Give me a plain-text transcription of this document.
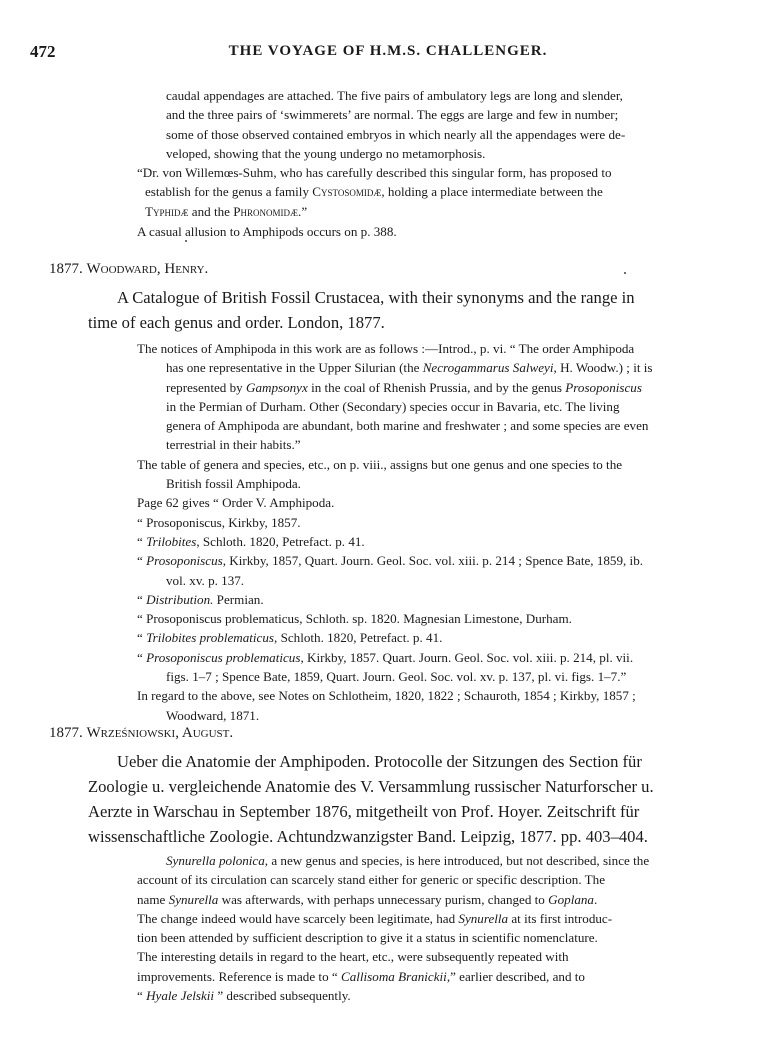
472	THE VOYAGE OF H.M.S. CHALLENGER.
caudal appendages are attached. The five pairs of ambulatory legs are long and slender,
and the three pairs of ‘swimmerets’ are normal. The eggs are large and few in number;
some of those observed contained embryos in which nearly all the appendages were de-
veloped, showing that the young undergo no metamorphosis.
“Dr. von Willemœs-Suhm, who has carefully described this singular form, has proposed to
establish for the genus a family Cystosomidæ, holding a place intermediate between the
Typhidæ and the Phronomidæ.”
A casual allusion to Amphipods occurs on p. 388.
1877. Woodward, Henry.
A Catalogue of British Fossil Crustacea, with their synonyms and the range in
time of each genus and order. London, 1877.
The notices of Amphipoda in this work are as follows :—Introd., p. vi. “ The order Amphipoda
has one representative in the Upper Silurian (the Necrogammarus Salweyi, H. Woodw.) ; it is
represented by Gampsonyx in the coal of Rhenish Prussia, and by the genus Prosoponiscus
in the Permian of Durham. Other (Secondary) species occur in Bavaria, etc. The living
genera of Amphipoda are abundant, both marine and freshwater ; and some species are even
terrestrial in their habits.”
The table of genera and species, etc., on p. viii., assigns but one genus and one species to the
British fossil Amphipoda.
Page 62 gives “ Order V. Amphipoda.
“ Prosoponiscus, Kirkby, 1857.
“ Trilobites, Schloth. 1820, Petrefact. p. 41.
“ Prosoponiscus, Kirkby, 1857, Quart. Journ. Geol. Soc. vol. xiii. p. 214 ; Spence Bate, 1859, ib.
vol. xv. p. 137.
“ Distribution. Permian.
“ Prosoponiscus problematicus, Schloth. sp. 1820. Magnesian Limestone, Durham.
“ Trilobites problematicus, Schloth. 1820, Petrefact. p. 41.
“ Prosoponiscus problematicus, Kirkby, 1857. Quart. Journ. Geol. Soc. vol. xiii. p. 214, pl. vii.
figs. 1–7 ; Spence Bate, 1859, Quart. Journ. Geol. Soc. vol. xv. p. 137, pl. vi. figs. 1–7.”
In regard to the above, see Notes on Schlotheim, 1820, 1822 ; Schauroth, 1854 ; Kirkby, 1857 ;
Woodward, 1871.
1877. Wrześniowski, August.
Ueber die Anatomie der Amphipoden. Protocolle der Sitzungen des Section für
Zoologie u. vergleichende Anatomie des V. Versammlung russischer Naturforscher u.
Aerzte in Warschau in September 1876, mitgetheilt von Prof. Hoyer. Zeitschrift für
wissenschaftliche Zoologie. Achtundzwanzigster Band. Leipzig, 1877. pp. 403–404.
Synurella polonica, a new genus and species, is here introduced, but not described, since the
account of its circulation can scarcely stand either for generic or specific description. The
name Synurella was afterwards, with perhaps unnecessary purism, changed to Goplana.
The change indeed would have scarcely been legitimate, had Synurella at its first introduc-
tion been attended by sufficient description to give it a status in scientific nomenclature.
The interesting details in regard to the heart, etc., were subsequently repeated with
improvements. Reference is made to “ Callisoma Branickii,” earlier described, and to
“ Hyale Jelskii ” described subsequently.
